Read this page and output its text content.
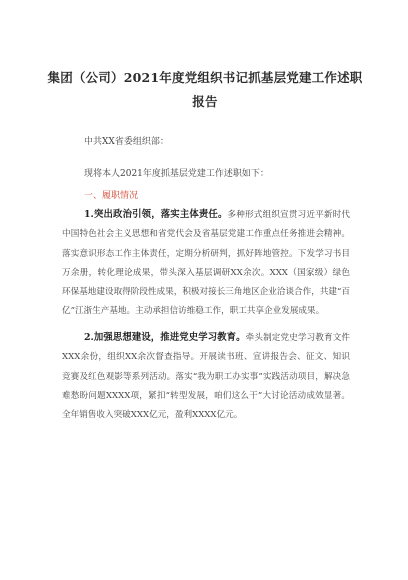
集团（公司）2021年度党组织书记抓基层党建工作述职报告
中共XX省委组织部：
现将本人2021年度抓基层党建工作述职如下：
一、履职情况
1.突出政治引领，落实主体责任。多种形式组织宣贯习近平新时代中国特色社会主义思想和省党代会及省基层党建工作重点任务推进会精神。落实意识形态工作主体责任，定期分析研判，抓好阵地管控。下发学习书目万余册，转化理论成果，带头深入基层调研XX余次。XXX（国家级）绿色环保基地建设取得阶段性成果，积极对接长三角地区企业洽谈合作，共建“百亿”江浙生产基地。主动承担信访维稳工作，职工共享企业发展成果。
2.加强思想建设，推进党史学习教育。牵头制定党史学习教育文件XXX余份，组织XX余次督查指导。开展读书班、宣讲报告会、征文、知识竞赛及红色观影等系列活动。落实“我为职工办实事”实践活动项目，解决急难愁盼问题XXXX项，紧扣“转型发展，咱们这么干”大讨论活动成效显著。全年销售收入突破XXX亿元，盈利XXXX亿元。
